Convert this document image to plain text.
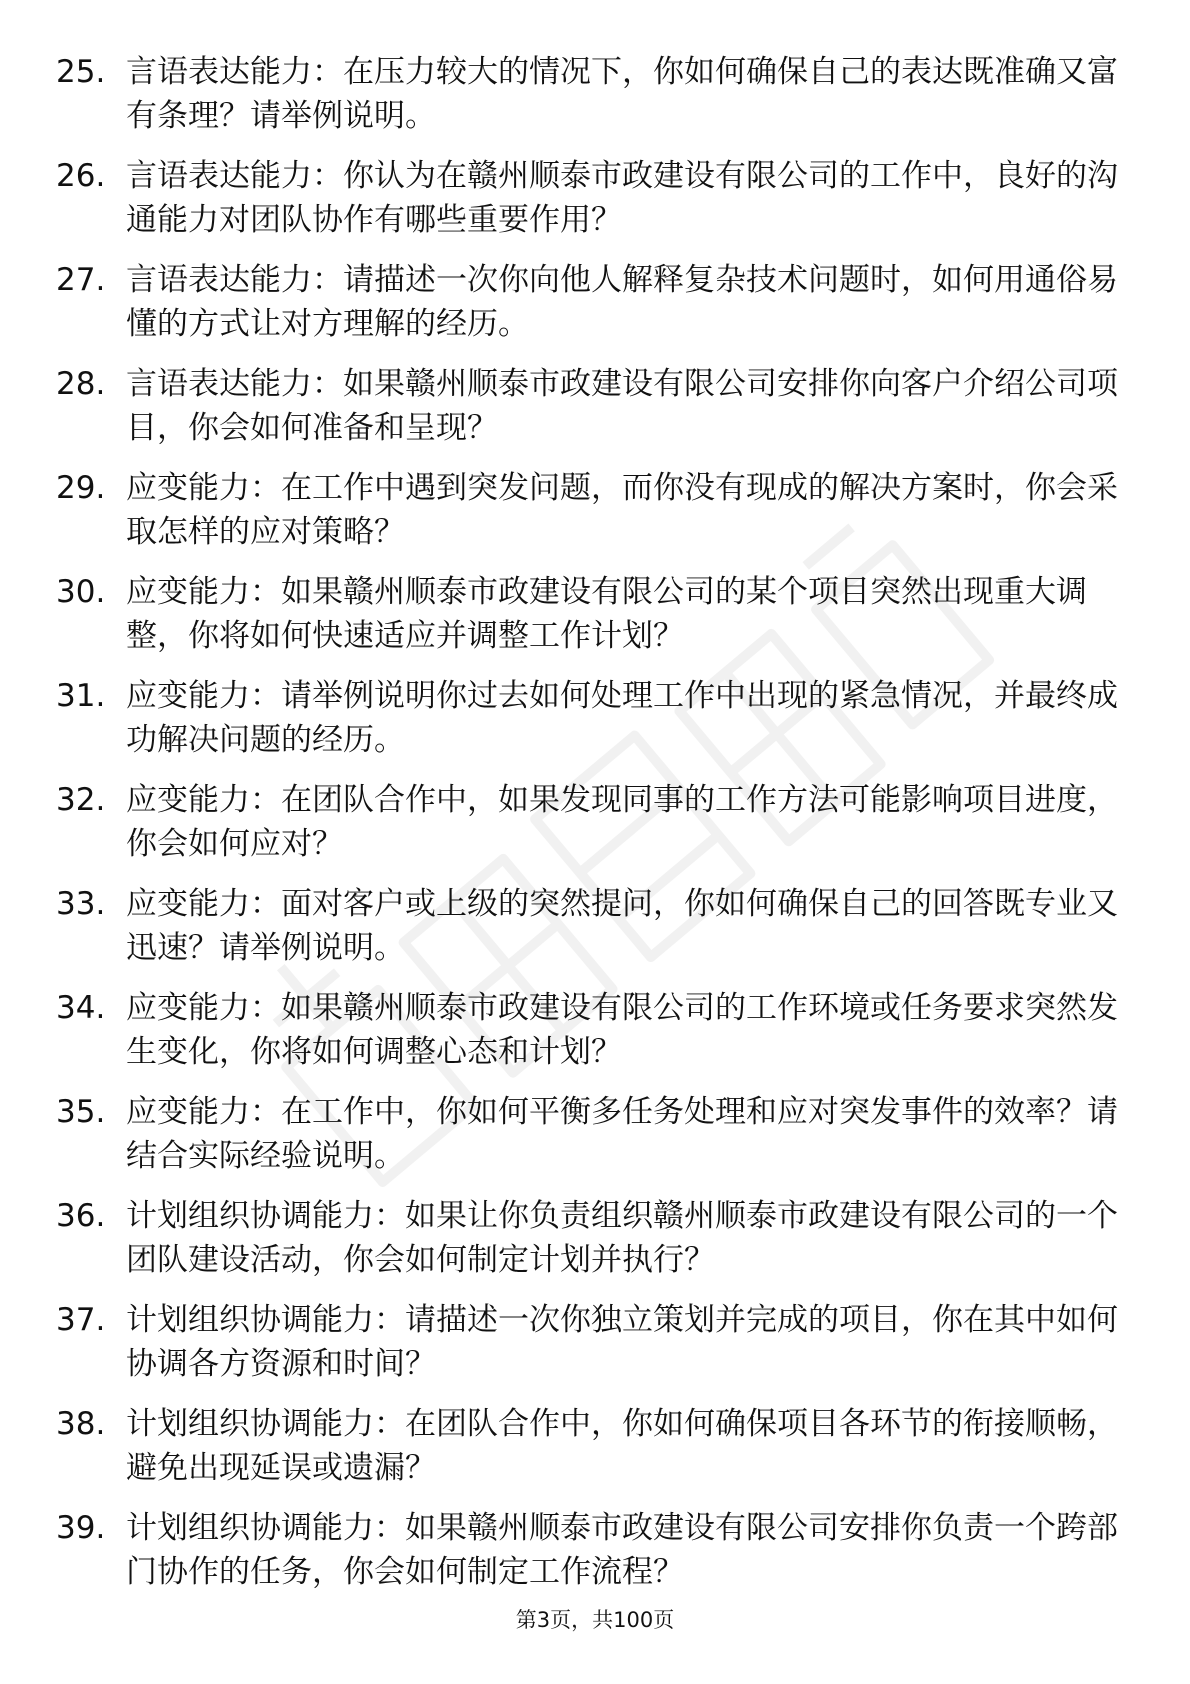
25. 言语表达能力：在压力较大的情况下，你如何确保自己的表达既准确又富有条理？请举例说明。
26. 言语表达能力：你认为在赣州顺泰市政建设有限公司的工作中，良好的沟通能力对团队协作有哪些重要作用？
27. 言语表达能力：请描述一次你向他人解释复杂技术问题时，如何用通俗易懂的方式让对方理解的经历。
28. 言语表达能力：如果赣州顺泰市政建设有限公司安排你向客户介绍公司项目，你会如何准备和呈现？
29. 应变能力：在工作中遇到突发问题，而你没有现成的解决方案时，你会采取怎样的应对策略？
30. 应变能力：如果赣州顺泰市政建设有限公司的某个项目突然出现重大调整，你将如何快速适应并调整工作计划？
31. 应变能力：请举例说明你过去如何处理工作中出现的紧急情况，并最终成功解决问题的经历。
32. 应变能力：在团队合作中，如果发现同事的工作方法可能影响项目进度，你会如何应对？
33. 应变能力：面对客户或上级的突然提问，你如何确保自己的回答既专业又迅速？请举例说明。
34. 应变能力：如果赣州顺泰市政建设有限公司的工作环境或任务要求突然发生变化，你将如何调整心态和计划？
35. 应变能力：在工作中，你如何平衡多任务处理和应对突发事件的效率？请结合实际经验说明。
36. 计划组织协调能力：如果让你负责组织赣州顺泰市政建设有限公司的一个团队建设活动，你会如何制定计划并执行？
37. 计划组织协调能力：请描述一次你独立策划并完成的项目，你在其中如何协调各方资源和时间？
38. 计划组织协调能力：在团队合作中，你如何确保项目各环节的衔接顺畅，避免出现延误或遗漏？
39. 计划组织协调能力：如果赣州顺泰市政建设有限公司安排你负责一个跨部门协作的任务，你会如何制定工作流程？
第3页，共100页
